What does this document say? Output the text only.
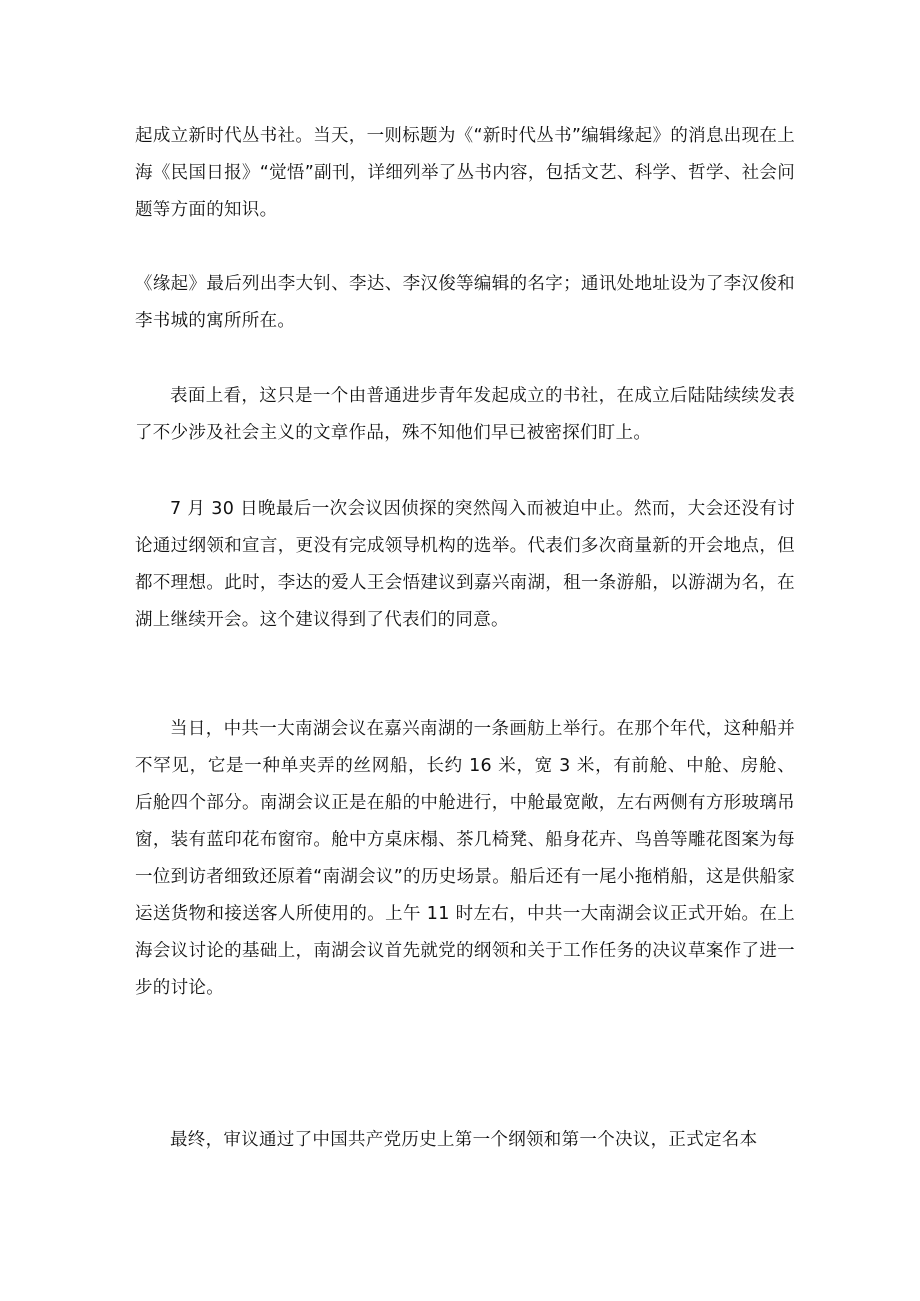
起成立新时代丛书社。当天，一则标题为《“新时代丛书”编辑缘起》的消息出现在上海《民国日报》“觉悟”副刊，详细列举了丛书内容，包括文艺、科学、哲学、社会问题等方面的知识。

《缘起》最后列出李大钊、李达、李汉俊等编辑的名字；通讯处地址设为了李汉俊和李书城的寓所所在。

表面上看，这只是一个由普通进步青年发起成立的书社，在成立后陆陆续续发表了不少涉及社会主义的文章作品，殊不知他们早已被密探们盯上。

7 月 30 日晚最后一次会议因侦探的突然闯入而被迫中止。然而，大会还没有讨论通过纲领和宣言，更没有完成领导机构的选举。代表们多次商量新的开会地点，但都不理想。此时，李达的爱人王会悟建议到嘉兴南湖，租一条游船，以游湖为名，在湖上继续开会。这个建议得到了代表们的同意。

当日，中共一大南湖会议在嘉兴南湖的一条画舫上举行。在那个年代，这种船并不罕见，它是一种单夹弄的丝网船，长约 16 米，宽 3 米，有前舱、中舱、房舱、后舱四个部分。南湖会议正是在船的中舱进行，中舱最宽敞，左右两侧有方形玻璃吊窗，装有蓝印花布窗帘。舱中方桌床榻、茶几椅凳、船身花卉、鸟兽等雕花图案为每一位到访者细致还原着“南湖会议”的历史场景。船后还有一尾小拖梢船，这是供船家运送货物和接送客人所使用的。上午 11 时左右，中共一大南湖会议正式开始。在上海会议讨论的基础上，南湖会议首先就党的纲领和关于工作任务的决议草案作了进一步的讨论。

最终，审议通过了中国共产党历史上第一个纲领和第一个决议，正式定名本
